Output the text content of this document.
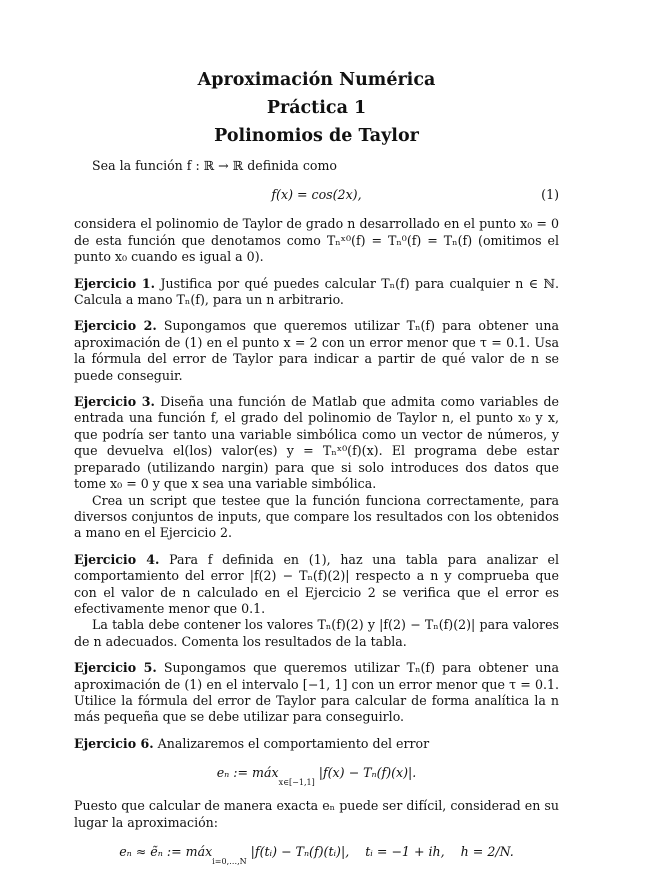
Aproximación Numérica
Práctica 1
Polinomios de Taylor

Sea la función f : ℝ → ℝ definida como

f(x) = cos(2x),	(1)

considera el polinomio de Taylor de grado n desarrollado en el punto x₀ = 0 de esta función que denotamos como Tₙˣ⁰(f) = Tₙ⁰(f) = Tₙ(f) (omitimos el punto x₀ cuando es igual a 0).

Ejercicio 1. Justifica por qué puedes calcular Tₙ(f) para cualquier n ∈ ℕ. Calcula a mano Tₙ(f), para un n arbitrario.

Ejercicio 2. Supongamos que queremos utilizar Tₙ(f) para obtener una aproximación de (1) en el punto x = 2 con un error menor que τ = 0.1. Usa la fórmula del error de Taylor para indicar a partir de qué valor de n se puede conseguir.

Ejercicio 3. Diseña una función de Matlab que admita como variables de entrada una función f, el grado del polinomio de Taylor n, el punto x₀ y x, que podría ser tanto una variable simbólica como un vector de números, y que devuelva el(los) valor(es) y = Tₙˣ⁰(f)(x). El programa debe estar preparado (utilizando nargin) para que si solo introduces dos datos que tome x₀ = 0 y que x sea una variable simbólica.

Crea un script que testee que la función funciona correctamente, para diversos conjuntos de inputs, que compare los resultados con los obtenidos a mano en el Ejercicio 2.

Ejercicio 4. Para f definida en (1), haz una tabla para analizar el comportamiento del error |f(2) − Tₙ(f)(2)| respecto a n y comprueba que con el valor de n calculado en el Ejercicio 2 se verifica que el error es efectivamente menor que 0.1.

La tabla debe contener los valores Tₙ(f)(2) y |f(2) − Tₙ(f)(2)| para valores de n adecuados. Comenta los resultados de la tabla.

Ejercicio 5. Supongamos que queremos utilizar Tₙ(f) para obtener una aproximación de (1) en el intervalo [−1, 1] con un error menor que τ = 0.1. Utilice la fórmula del error de Taylor para calcular de forma analítica la n más pequeña que se debe utilizar para conseguirlo.

Ejercicio 6. Analizaremos el comportamiento del error

eₙ := máxx∈[−1,1] |f(x) − Tₙ(f)(x)|.

Puesto que calcular de manera exacta eₙ puede ser difícil, considerad en su lugar la aproximación:

eₙ ≈ ẽₙ := máxi=0,…,N |f(tᵢ) − Tₙ(f)(tᵢ)|,    tᵢ = −1 + ih,    h = 2/N.
